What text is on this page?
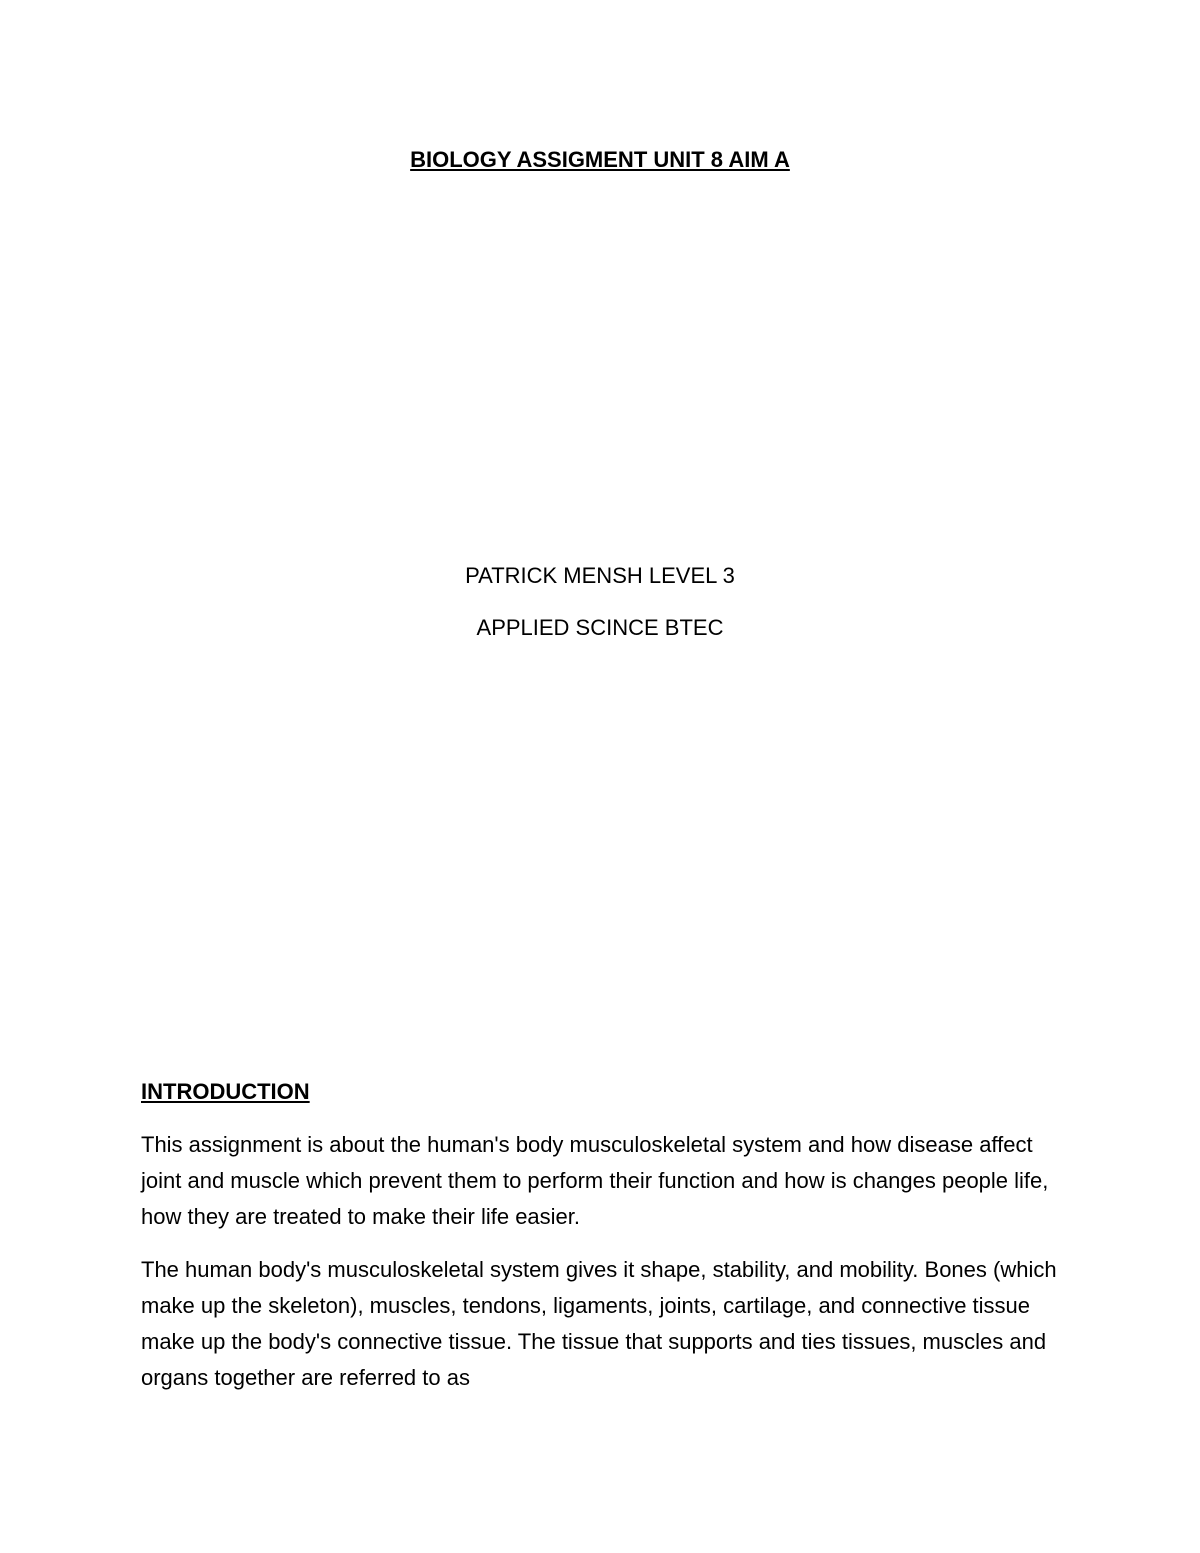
BIOLOGY ASSIGMENT UNIT 8 AIM A

PATRICK MENSH LEVEL 3

APPLIED SCINCE BTEC

INTRODUCTION

This assignment is about the human's body musculoskeletal system and how disease affect joint and muscle which prevent them to perform their function and how is changes people life, how they are treated to make their life easier.

The human body's musculoskeletal system gives it shape, stability, and mobility. Bones (which make up the skeleton), muscles, tendons, ligaments, joints, cartilage, and connective tissue make up the body's connective tissue. The tissue that supports and ties tissues, muscles and organs together are referred to as
